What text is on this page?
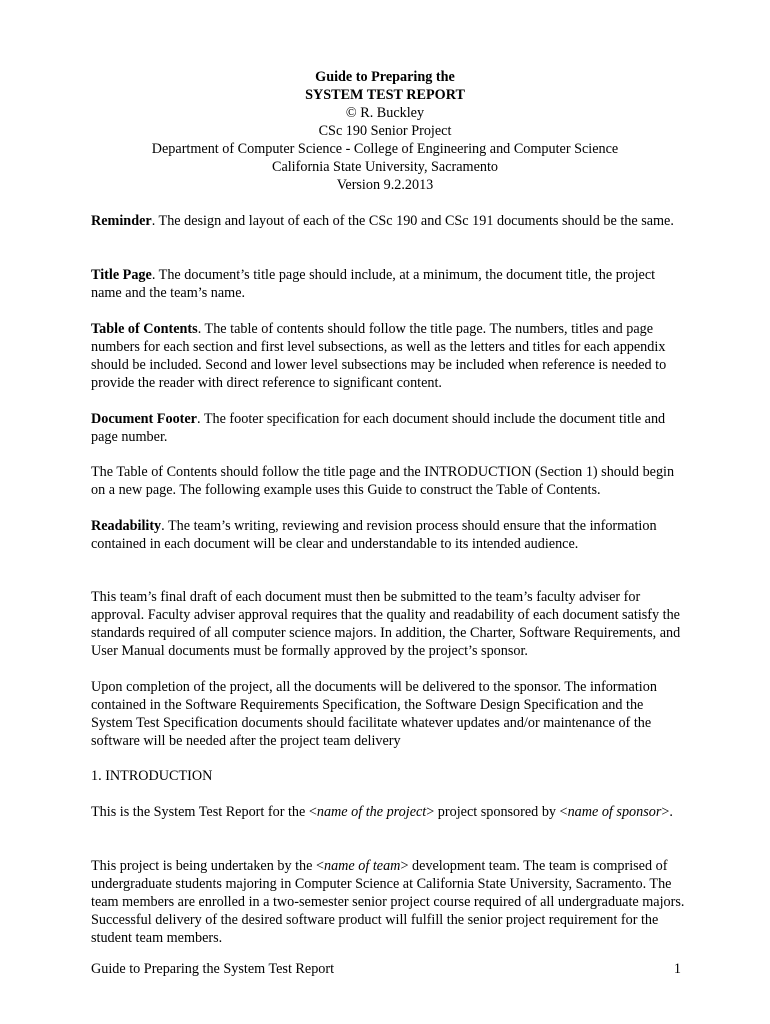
Guide to Preparing the
SYSTEM TEST REPORT
© R. Buckley
CSc 190 Senior Project
Department of Computer Science - College of Engineering and Computer Science
California State University, Sacramento
Version 9.2.2013

Reminder. The design and layout of each of the CSc 190 and CSc 191 documents should be the same.

Title Page. The document’s title page should include, at a minimum, the document title, the project name and the team’s name.

Table of Contents. The table of contents should follow the title page. The numbers, titles and page numbers for each section and first level subsections, as well as the letters and titles for each appendix should be included. Second and lower level subsections may be included when reference is needed to provide the reader with direct reference to significant content.

Document Footer. The footer specification for each document should include the document title and page number.

The Table of Contents should follow the title page and the INTRODUCTION (Section 1) should begin on a new page. The following example uses this Guide to construct the Table of Contents.

Readability. The team’s writing, reviewing and revision process should ensure that the information contained in each document will be clear and understandable to its intended audience.

This team’s final draft of each document must then be submitted to the team’s faculty adviser for approval. Faculty adviser approval requires that the quality and readability of each document satisfy the standards required of all computer science majors. In addition, the Charter, Software Requirements, and User Manual documents must be formally approved by the project’s sponsor.

Upon completion of the project, all the documents will be delivered to the sponsor. The information contained in the Software Requirements Specification, the Software Design Specification and the System Test Specification documents should facilitate whatever updates and/or maintenance of the software will be needed after the project team delivery

1. INTRODUCTION

This is the System Test Report for the <name of the project> project sponsored by <name of sponsor>.

This project is being undertaken by the <name of team> development team. The team is comprised of undergraduate students majoring in Computer Science at California State University, Sacramento. The team members are enrolled in a two-semester senior project course required of all undergraduate majors. Successful delivery of the desired software product will fulfill the senior project requirement for the student team members.

Guide to Preparing the System Test Report	1
